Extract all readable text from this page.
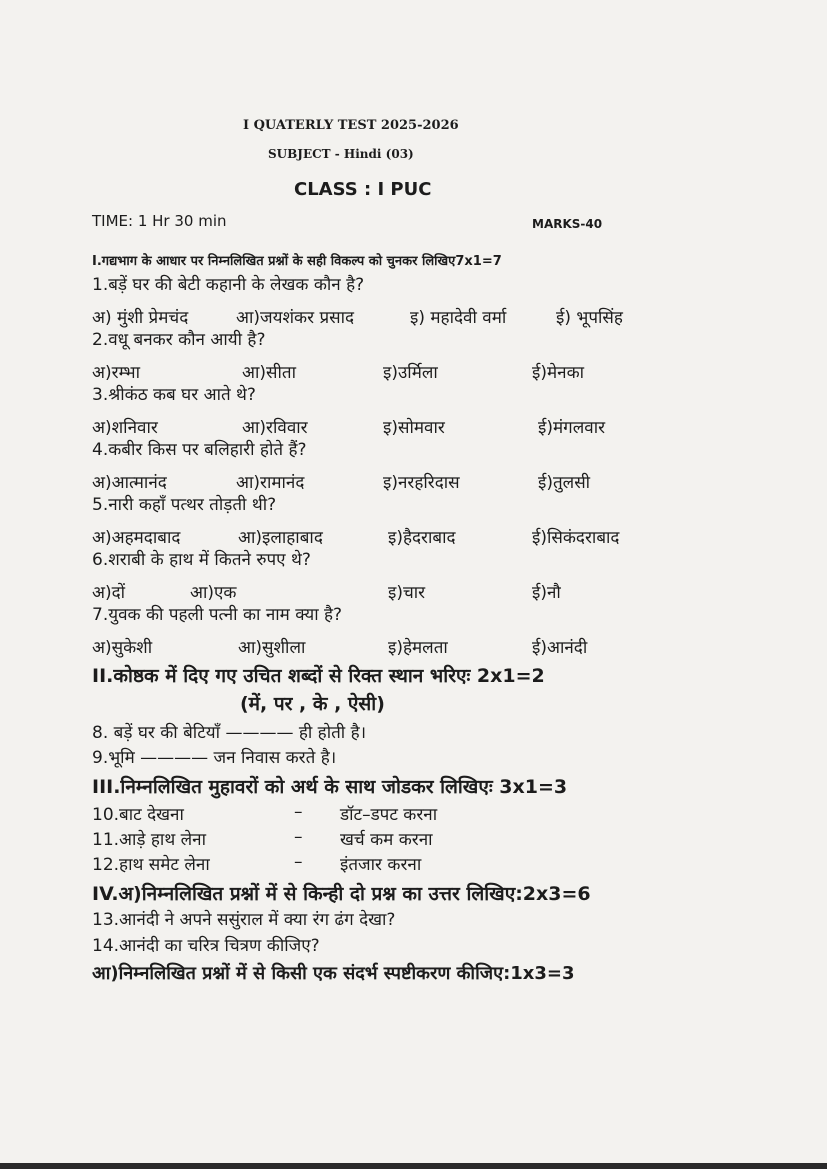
I QUATERLY TEST 2025-2026
SUBJECT - Hindi (03)
CLASS : I PUC
TIME: 1 Hr 30 min	MARKS-40
I.गद्यभाग के आधार पर निम्नलिखित प्रश्नों के सही विकल्प को चुनकर लिखिए7x1=7
1.बड़ें घर की बेटी कहानी के लेखक कौन है?
अ) मुंशी प्रेमचंद	आ)जयशंकर प्रसाद	इ) महादेवी वर्मा	ई) भूपसिंह
2.वधू बनकर कौन आयी है?
अ)रम्भा	आ)सीता	इ)उर्मिला	ई)मेनका
3.श्रीकंठ कब घर आते थे?
अ)शनिवार	आ)रविवार	इ)सोमवार	ई)मंगलवार
4.कबीर किस पर बलिहारी होते हैं?
अ)आत्मानंद	आ)रामानंद	इ)नरहरिदास	ई)तुलसी
5.नारी कहाँ पत्थर तोड़ती थी?
अ)अहमदाबाद	आ)इलाहाबाद	इ)हैदराबाद	ई)सिकंदराबाद
6.शराबी के हाथ में कितने रुपए थे?
अ)दों	आ)एक	इ)चार	ई)नौ
7.युवक की पहली पत्नी का नाम क्या है?
अ)सुकेशी	आ)सुशीला	इ)हेमलता	ई)आनंदी
II.कोष्ठक में दिए गए उचित शब्दों से रिक्त स्थान भरिएः 2x1=2
(में, पर , के , ऐसी)
8. बड़ें घर की बेटियाँ ———— ही होती है।
9.भूमि ———— जन निवास करते है।
III.निम्नलिखित मुहावरों को अर्थ के साथ जोडकर लिखिएः 3x1=3
10.बाट देखना	– डॉट–डपट करना
11.आड़े हाथ लेना	– खर्च कम करना
12.हाथ समेट लेना	– इंतजार करना
IV.अ)निम्नलिखित प्रश्नों में से किन्ही दो प्रश्न का उत्तर लिखिए:2x3=6
13.आनंदी ने अपने ससुंराल में क्या रंग ढंग देखा?
14.आनंदी का चरित्र चित्रण कीजिए?
आ)निम्नलिखित प्रश्नों में से किसी एक संदर्भ स्पष्टीकरण कीजिए:1x3=3
